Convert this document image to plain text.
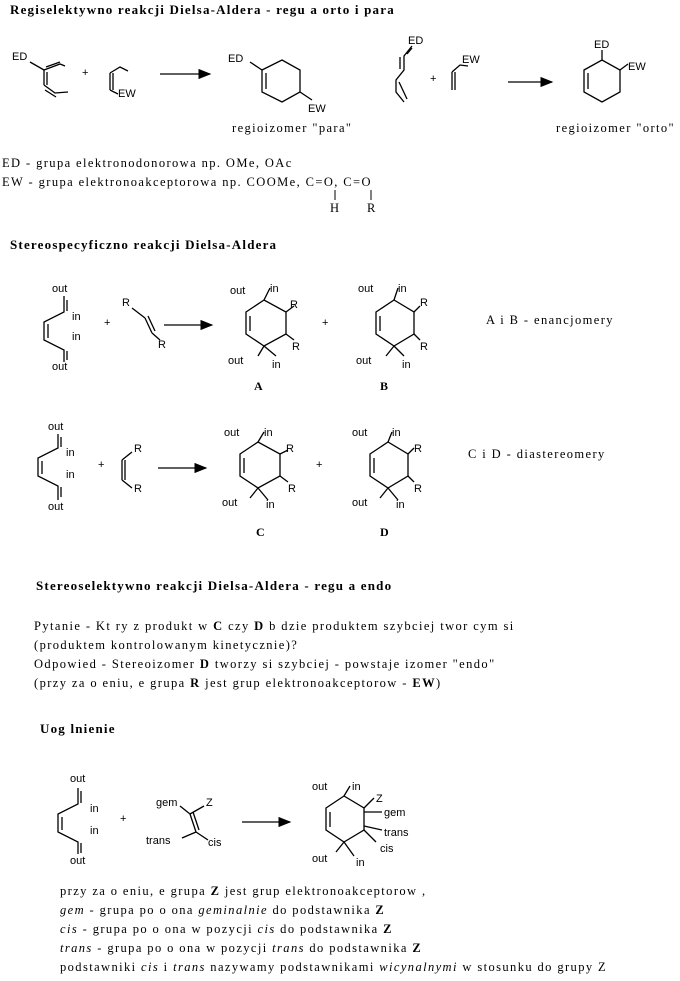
Regiselektywno reakcji Dielsa-Aldera - regu a orto i para
ED
+
EW
ED
EW
ED
+
EW
ED
EW
regioizomer "para"	regioizomer "orto"
H R
out
in
in
out
+
R
R
out in
R
R
out	in
+
out in
R
R
out	in
A	B
A i B - enancjomery
out
in
in
out
+
R
R
out in
R
R
out	in
+
out in
R
R
out	in
C	D
C i D - diastereomery
out
in
in
out
+
gem	Z
trans	cis
out in
Z
gem
trans
cis
out	in
ED - grupa elektronodonorowa np. OMe, OAc
EW - grupa elektronoakceptorowa np. COOMe, C=O, C=O
Stereospecyficzno reakcji Dielsa-Aldera
Stereoselektywno reakcji Dielsa-Aldera - regu a endo
Pytanie - Kt ry z produkt w C czy D b dzie produktem szybciej twor cym si
(produktem kontrolowanym kinetycznie)?
Odpowied - Stereoizomer D tworzy si szybciej - powstaje izomer "endo"
(przy za o eniu, e grupa R jest grup elektronoakceptorow - EW)
Uog lnienie
przy za o eniu, e grupa Z jest grup elektronoakceptorow ,
gem - grupa po o ona geminalnie do podstawnika Z
cis - grupa po o ona w pozycji cis do podstawnika Z
trans - grupa po o ona w pozycji trans do podstawnika Z
podstawniki cis i trans nazywamy podstawnikami wicynalnymi w stosunku do grupy Z
